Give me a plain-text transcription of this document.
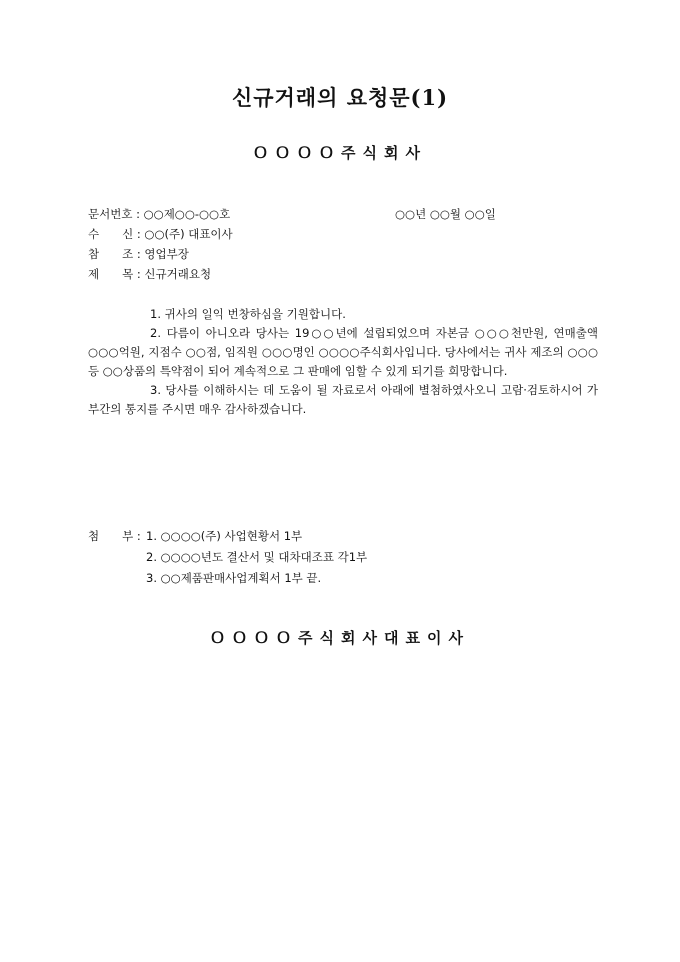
신규거래의 요청문(1)
ＯＯＯＯ주식회사
문서번호 : ○○제○○-○○호	○○년 ○○월 ○○일
수　　신 : ○○(주) 대표이사
참　　조 : 영업부장
제　　목 : 신규거래요청

1. 귀사의 일익 번창하심을 기원합니다.

2. 다름이 아니오라 당사는 19○○년에 설립되었으며 자본금 ○○○천만원, 연매출액 ○○○억원, 지점수 ○○점, 임직원 ○○○명인 ○○○○주식회사입니다. 당사에서는 귀사 제조의 ○○○ 등 ○○상품의 특약점이 되어 계속적으로 그 판매에 임할 수 있게 되기를 희망합니다.

3. 당사를 이해하시는 데 도움이 될 자료로서 아래에 별첨하였사오니 고람·검토하시어 가부간의 통지를 주시면 매우 감사하겠습니다.

첨　　부 : 1. ○○○○(주) 사업현황서 1부
2. ○○○○년도 결산서 및 대차대조표 각1부
3. ○○제품판매사업계획서 1부 끝.
ＯＯＯＯ주식회사대표이사
